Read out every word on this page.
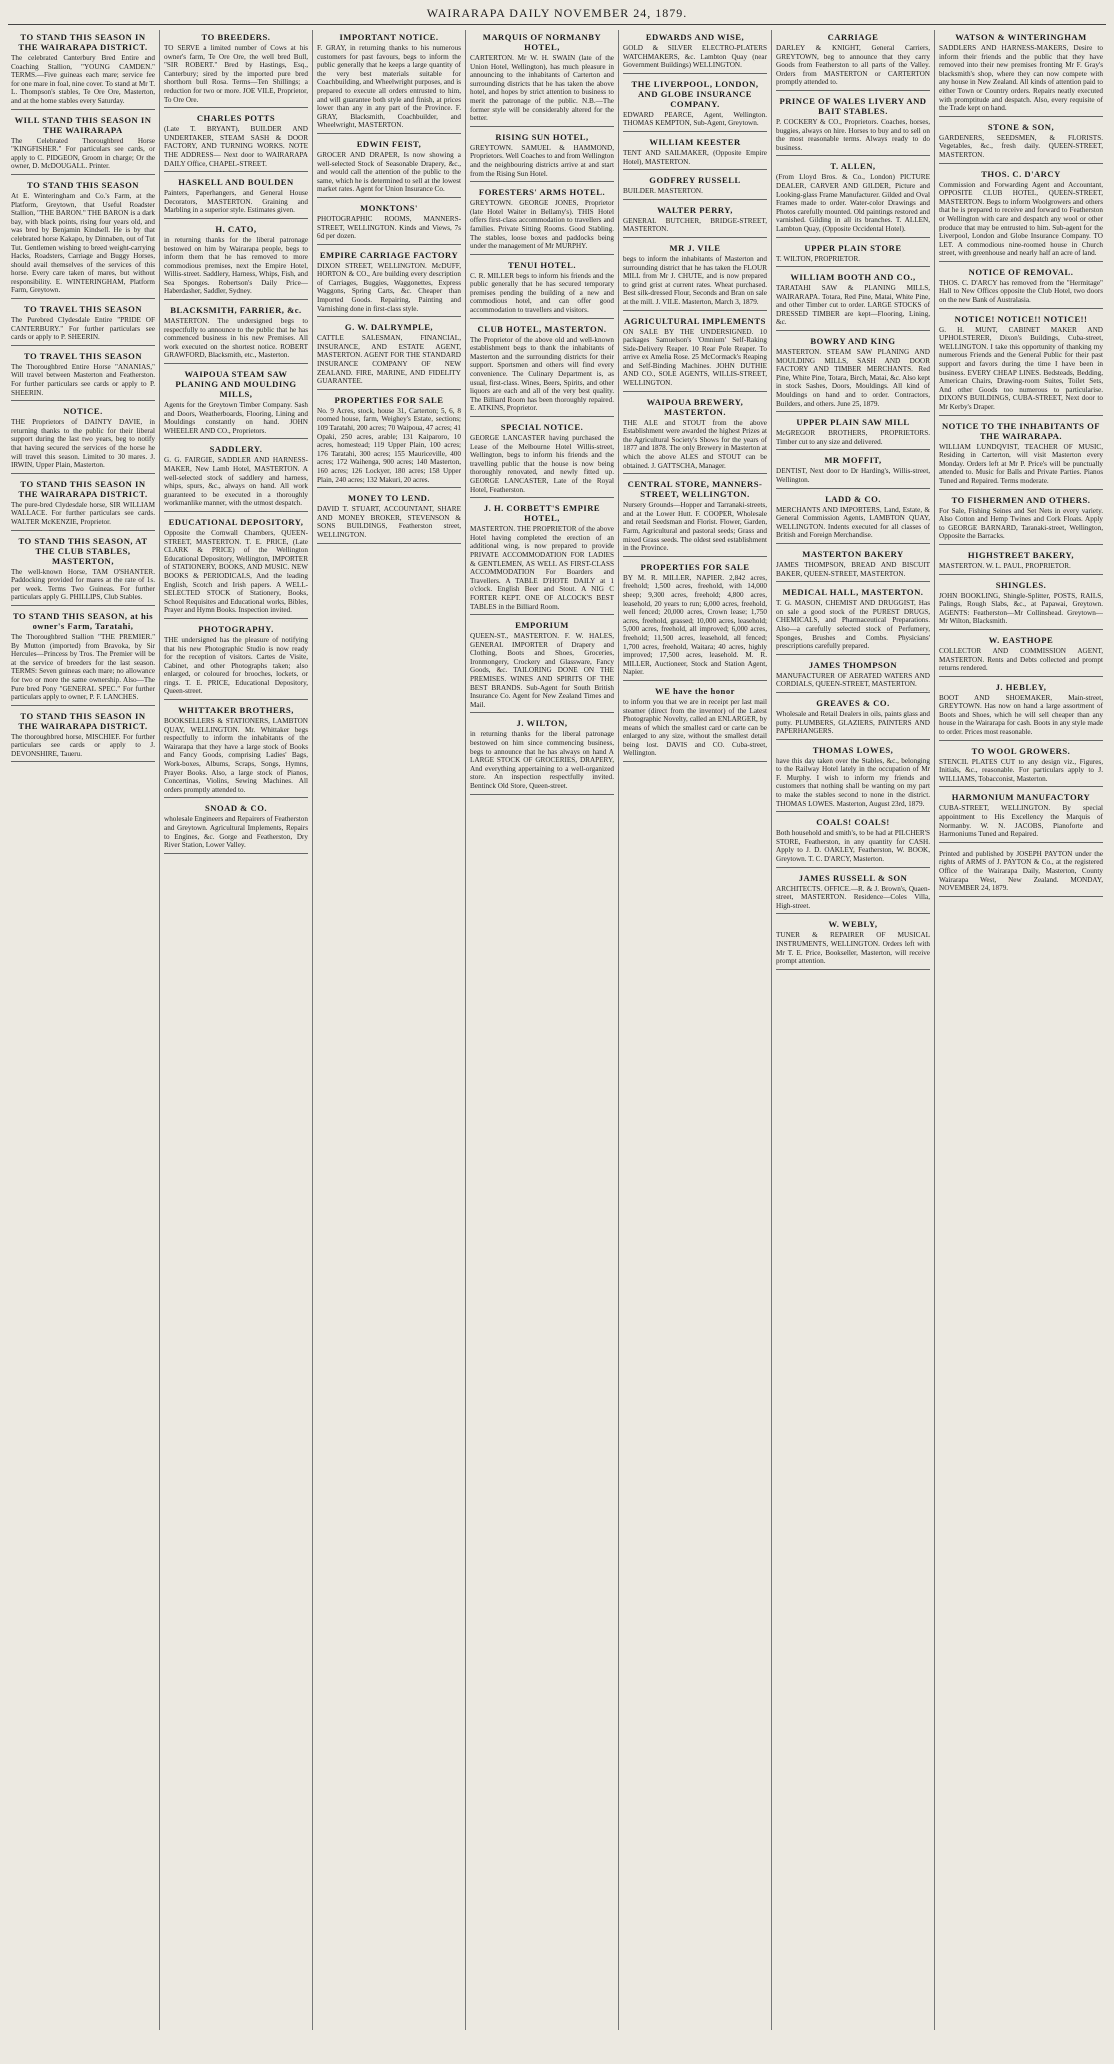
WAIRARAPA DAILY NOVEMBER 24, 1879.
TO STAND THIS SEASON IN THE WAIRARAPA DISTRICT.
The celebrated Canterbury Bred Entire and Coaching Stallion, "YOUNG CAMDEN." TERMS.—Five guineas each mare; service fee for one mare in foal, nine cover. To stand at Mr T. L. Thompson's stables, Te Ore Ore, Masterton, and at the home stables every Saturday.
WILL STAND THIS SEASON IN THE WAIRARAPA
The Celebrated Thoroughbred Horse "KINGFISHER." For particulars see cards, or apply to C. PIDGEON, Groom in charge; Or the owner, D. McDOUGALL. Printer.
TO STAND THIS SEASON
At E. Winteringham and Co.'s Farm, at the Platform, Greytown, that Useful Roadster Stallion, "THE BARON." THE BARON is a dark bay, with black points, rising four years old, and was bred by Benjamin Kindsell. He is by that celebrated horse Kakapo, by Dinnaben, out of Tut Tut. Gentlemen wishing to breed weight-carrying Hacks, Roadsters, Carriage and Buggy Horses, should avail themselves of the services of this horse. Every care taken of mares, but without responsibility. E. WINTERINGHAM, Platform Farm, Greytown.
TO TRAVEL THIS SEASON
The Purebred Clydesdale Entire "PRIDE OF CANTERBURY." For further particulars see cards or apply to P. SHEERIN.
TO TRAVEL THIS SEASON
The Thoroughbred Entire Horse "ANANIAS," Will travel between Masterton and Featherston. For further particulars see cards or apply to P. SHEERIN.
NOTICE.
THE Proprietors of DAINTY DAVIE, in returning thanks to the public for their liberal support during the last two years, beg to notify that having secured the services of the horse he will travel this season. Limited to 30 mares. J. IRWIN, Upper Plain, Masterton.
TO STAND THIS SEASON IN THE WAIRARAPA DISTRICT.
The pure-bred Clydesdale horse, SIR WILLIAM WALLACE. For further particulars see cards. WALTER McKENZIE, Proprietor.
TO STAND THIS SEASON, AT THE CLUB STABLES, MASTERTON,
The well-known Horse, TAM O'SHANTER. Paddocking provided for mares at the rate of 1s. per week. Terms Two Guineas. For further particulars apply G. PHILLIPS, Club Stables.
TO STAND THIS SEASON, at his owner's Farm, Taratahi,
The Thoroughbred Stallion "THE PREMIER." By Mutton (imported) from Bravoka, by Sir Hercules—Princess by Tros. The Premier will be at the service of breeders for the last season. TERMS: Seven guineas each mare; no allowance for two or more the same ownership. Also—The Pure bred Pony "GENERAL SPEC." For further particulars apply to owner, P. F. LANCHES.
TO STAND THIS SEASON IN THE WAIRARAPA DISTRICT.
The thoroughbred horse, MISCHIEF. For further particulars see cards or apply to J. DEVONSHIRE, Taueru.
TO BREEDERS.
TO SERVE a limited number of Cows at his owner's farm, Te Ore Ore, the well bred Bull, "SIR ROBERT." Bred by Hastings, Esq., Canterbury; sired by the imported pure bred shorthorn bull Rosa. Terms—Ten Shillings; a reduction for two or more. JOE VILE, Proprietor, To Ore Ore.
CHARLES POTTS
(Late T. BRYANT), BUILDER AND UNDERTAKER, STEAM SASH & DOOR FACTORY, AND TURNING WORKS. NOTE THE ADDRESS— Next door to WAIRARAPA DAILY Office, CHAPEL-STREET.
HASKELL AND BOULDEN
Painters, Paperhangers, and General House Decorators, MASTERTON. Graining and Marbling in a superior style. Estimates given.
H. CATO,
in returning thanks for the liberal patronage bestowed on him by Wairarapa people, begs to inform them that he has removed to more commodious premises, next the Empire Hotel, Willis-street. Saddlery, Harness, Whips, Fish, and Sea Sponges. Robertson's Daily Price—Haberdasher, Saddler, Sydney.
BLACKSMITH, FARRIER, &c.
MASTERTON. The undersigned begs to respectfully to announce to the public that he has commenced business in his new Premises. All work executed on the shortest notice. ROBERT GRAWFORD, Blacksmith, etc., Masterton.
WAIPOUA STEAM SAW PLANING AND MOULDING MILLS,
Agents for the Greytown Timber Company. Sash and Doors, Weatherboards, Flooring, Lining and Mouldings constantly on hand. JOHN WHEELER AND CO., Proprietors.
SADDLERY.
G. G. FAIRGIE, SADDLER AND HARNESS-MAKER, New Lamb Hotel, MASTERTON. A well-selected stock of saddlery and harness, whips, spurs, &c., always on hand. All work guaranteed to be executed in a thoroughly workmanlike manner, with the utmost despatch.
EDUCATIONAL DEPOSITORY,
Opposite the Cornwall Chambers, QUEEN-STREET, MASTERTON. T. E. PRICE, (Late CLARK & PRICE) of the Wellington Educational Depository, Wellington, IMPORTER of STATIONERY, BOOKS, AND MUSIC. NEW BOOKS & PERIODICALS, And the leading English, Scotch and Irish papers. A WELL-SELECTED STOCK of Stationery, Books, School Requisites and Educational works, Bibles, Prayer and Hymn Books. Inspection invited.
PHOTOGRAPHY.
THE undersigned has the pleasure of notifying that his new Photographic Studio is now ready for the reception of visitors. Cartes de Visite, Cabinet, and other Photographs taken; also enlarged, or coloured for brooches, lockets, or rings. T. E. PRICE, Educational Depository, Queen-street.
WHITTAKER BROTHERS,
BOOKSELLERS & STATIONERS, LAMBTON QUAY, WELLINGTON. Mr. Whittaker begs respectfully to inform the inhabitants of the Wairarapa that they have a large stock of Books and Fancy Goods, comprising Ladies' Bags, Work-boxes, Albums, Scraps, Songs, Hymns, Prayer Books. Also, a large stock of Pianos, Concertinas, Violins, Sewing Machines. All orders promptly attended to.
SNOAD & CO.
wholesale Engineers and Repairers of Featherston and Greytown. Agricultural Implements, Repairs to Engines, &c. Gorge and Featherston, Dry River Station, Lower Valley.
IMPORTANT NOTICE.
F. GRAY, in returning thanks to his numerous customers for past favours, begs to inform the public generally that he keeps a large quantity of the very best materials suitable for Coachbuilding, and Wheelwright purposes, and is prepared to execute all orders entrusted to him, and will guarantee both style and finish, at prices lower than any in any part of the Province. F. GRAY, Blacksmith, Coachbuilder, and Wheelwright, MASTERTON.
EDWIN FEIST,
GROCER AND DRAPER, Is now showing a well-selected Stock of Seasonable Drapery, &c., and would call the attention of the public to the same, which he is determined to sell at the lowest market rates. Agent for Union Insurance Co.
MONKTONS'
PHOTOGRAPHIC ROOMS, MANNERS-STREET, WELLINGTON. Kinds and Views, 7s 6d per dozen.
EMPIRE CARRIAGE FACTORY
DIXON STREET, WELLINGTON. McDUFF, HORTON & CO., Are building every description of Carriages, Buggies, Waggonettes, Express Waggons, Spring Carts, &c. Cheaper than Imported Goods. Repairing, Painting and Varnishing done in first-class style.
G. W. DALRYMPLE,
CATTLE SALESMAN, FINANCIAL, INSURANCE, AND ESTATE AGENT, MASTERTON. AGENT FOR THE STANDARD INSURANCE COMPANY OF NEW ZEALAND. FIRE, MARINE, AND FIDELITY GUARANTEE.
PROPERTIES FOR SALE
No. 9 Acres, stock, house 31, Carterton; 5, 6, 8 roomed house, farm, Weighey's Estate, sections; 109 Taratahi, 200 acres; 70 Waipoua, 47 acres; 41 Opaki, 250 acres, arable; 131 Kaiparoro, 10 acres, homestead; 119 Upper Plain, 100 acres; 176 Taratahi, 300 acres; 155 Mauriceville, 400 acres; 172 Waihenga, 900 acres; 140 Masterton, 160 acres; 126 Lockyer, 180 acres; 158 Upper Plain, 240 acres; 132 Makuri, 20 acres.
MONEY TO LEND.
DAVID T. STUART, ACCOUNTANT, SHARE AND MONEY BROKER, STEVENSON & SONS BUILDINGS, Featherston street, WELLINGTON.
MARQUIS OF NORMANBY HOTEL,
CARTERTON. Mr W. H. SWAIN (late of the Union Hotel, Wellington), has much pleasure in announcing to the inhabitants of Carterton and surrounding districts that he has taken the above hotel, and hopes by strict attention to business to merit the patronage of the public. N.B.—The former style will be considerably altered for the better.
RISING SUN HOTEL,
GREYTOWN. SAMUEL & HAMMOND, Proprietors. Well Coaches to and from Wellington and the neighbouring districts arrive at and start from the Rising Sun Hotel.
FORESTERS' ARMS HOTEL.
GREYTOWN. GEORGE JONES, Proprietor (late Hotel Waiter in Bellamy's). THIS Hotel offers first-class accommodation to travellers and families. Private Sitting Rooms. Good Stabling. The stables, loose boxes and paddocks being under the management of Mr MURPHY.
TENUI HOTEL.
C. R. MILLER begs to inform his friends and the public generally that he has secured temporary premises pending the building of a new and commodious hotel, and can offer good accommodation to travellers and visitors.
CLUB HOTEL, MASTERTON.
The Proprietor of the above old and well-known establishment begs to thank the inhabitants of Masterton and the surrounding districts for their support. Sportsmen and others will find every convenience. The Culinary Department is, as usual, first-class. Wines, Beers, Spirits, and other liquors are each and all of the very best quality. The Billiard Room has been thoroughly repaired. E. ATKINS, Proprietor.
SPECIAL NOTICE.
GEORGE LANCASTER having purchased the Lease of the Melbourne Hotel Willis-street, Wellington, begs to inform his friends and the travelling public that the house is now being thoroughly renovated, and newly fitted up. GEORGE LANCASTER, Late of the Royal Hotel, Featherston.
J. H. CORBETT'S EMPIRE HOTEL,
MASTERTON. THE PROPRIETOR of the above Hotel having completed the erection of an additional wing, is now prepared to provide PRIVATE ACCOMMODATION FOR LADIES & GENTLEMEN, AS WELL AS FIRST-CLASS ACCOMMODATION For Boarders and Travellers. A TABLE D'HOTE DAILY at 1 o'clock. English Beer and Stout. A NIG C FORTER KEPT. ONE OF ALCOCK'S BEST TABLES in the Billiard Room.
EMPORIUM
QUEEN-ST., MASTERTON. F. W. HALES, GENERAL IMPORTER of Drapery and Clothing, Boots and Shoes, Groceries, Ironmongery, Crockery and Glassware, Fancy Goods, &c. TAILORING DONE ON THE PREMISES. WINES AND SPIRITS OF THE BEST BRANDS. Sub-Agent for South British Insurance Co. Agent for New Zealand Times and Mail.
J. WILTON,
in returning thanks for the liberal patronage bestowed on him since commencing business, begs to announce that he has always on hand A LARGE STOCK OF GROCERIES, DRAPERY, And everything appertaining to a well-organized store. An inspection respectfully invited. Bentinck Old Store, Queen-street.
EDWARDS AND WISE,
GOLD & SILVER ELECTRO-PLATERS WATCHMAKERS, &c. Lambton Quay (near Government Buildings) WELLINGTON.
THE LIVERPOOL, LONDON, AND GLOBE INSURANCE COMPANY.
EDWARD PEARCE, Agent, Wellington. THOMAS KEMPTON, Sub-Agent, Greytown.
WILLIAM KEESTER
TENT AND SAILMAKER, (Opposite Empire Hotel), MASTERTON.
GODFREY RUSSELL
BUILDER. MASTERTON.
WALTER PERRY,
GENERAL BUTCHER, BRIDGE-STREET, MASTERTON.
MR J. VILE
begs to inform the inhabitants of Masterton and surrounding district that he has taken the FLOUR MILL from Mr J. CHUTE, and is now prepared to grind grist at current rates. Wheat purchased. Best silk-dressed Flour, Seconds and Bran on sale at the mill. J. VILE. Masterton, March 3, 1879.
AGRICULTURAL IMPLEMENTS
ON SALE BY THE UNDERSIGNED. 10 packages Samuelson's 'Omnium' Self-Raking Side-Delivery Reaper. 10 Rear Pole Reaper. To arrive ex Amelia Rose. 25 McCormack's Reaping and Self-Binding Machines. JOHN DUTHIE AND CO., SOLE AGENTS, WILLIS-STREET, WELLINGTON.
WAIPOUA BREWERY, MASTERTON.
THE ALE and STOUT from the above Establishment were awarded the highest Prizes at the Agricultural Society's Shows for the years of 1877 and 1878. The only Brewery in Masterton at which the above ALES and STOUT can be obtained. J. GATTSCHA, Manager.
CENTRAL STORE, MANNERS-STREET, WELLINGTON.
Nursery Grounds—Hopper and Tarranaki-streets, and at the Lower Hutt. F. COOPER, Wholesale and retail Seedsman and Florist. Flower, Garden, Farm, Agricultural and pastoral seeds; Grass and mixed Grass seeds. The oldest seed establishment in the Province.
PROPERTIES FOR SALE
BY M. R. MILLER, NAPIER. 2,842 acres, freehold; 1,500 acres, freehold, with 14,000 sheep; 9,300 acres, freehold; 4,800 acres, leasehold, 20 years to run; 6,000 acres, freehold, well fenced; 20,000 acres, Crown lease; 1,750 acres, freehold, grassed; 10,000 acres, leasehold; 5,000 acres, freehold, all improved; 6,000 acres, freehold; 11,500 acres, leasehold, all fenced; 1,700 acres, freehold, Waitara; 40 acres, highly improved; 17,500 acres, leasehold. M. R. MILLER, Auctioneer, Stock and Station Agent, Napier.
WE have the honor
to inform you that we are in receipt per last mail steamer (direct from the inventor) of the Latest Photographic Novelty, called an ENLARGER, by means of which the smallest card or carte can be enlarged to any size, without the smallest detail being lost. DAVIS and CO. Cuba-street, Wellington.
CARRIAGE
DARLEY & KNIGHT, General Carriers, GREYTOWN, beg to announce that they carry Goods from Featherston to all parts of the Valley. Orders from MASTERTON or CARTERTON promptly attended to.
PRINCE OF WALES LIVERY AND BAIT STABLES.
P. COCKERY & CO., Proprietors. Coaches, horses, buggies, always on hire. Horses to buy and to sell on the most reasonable terms. Always ready to do business.
T. ALLEN,
(From Lloyd Bros. & Co., London) PICTURE DEALER, CARVER AND GILDER, Picture and Looking-glass Frame Manufacturer. Gilded and Oval Frames made to order. Water-color Drawings and Photos carefully mounted. Old paintings restored and varnished. Gilding in all its branches. T. ALLEN, Lambton Quay, (Opposite Occidental Hotel).
UPPER PLAIN STORE
T. WILTON, PROPRIETOR.
WILLIAM BOOTH AND CO.,
TARATAHI SAW & PLANING MILLS, WAIRARAPA. Totara, Red Pine, Matai, White Pine, and other Timber cut to order. LARGE STOCKS of DRESSED TIMBER are kept—Flooring, Lining, &c.
BOWRY AND KING
MASTERTON. STEAM SAW PLANING AND MOULDING MILLS, SASH AND DOOR FACTORY AND TIMBER MERCHANTS. Red Pine, White Pine, Totara, Birch, Matai, &c. Also kept in stock Sashes, Doors, Mouldings. All kind of Mouldings on hand and to order. Contractors, Builders, and others. June 25, 1879.
UPPER PLAIN SAW MILL
McGREGOR BROTHERS, PROPRIETORS. Timber cut to any size and delivered.
MR MOFFIT,
DENTIST, Next door to Dr Harding's, Willis-street, Wellington.
LADD & CO.
MERCHANTS AND IMPORTERS, Land, Estate, & General Commission Agents, LAMBTON QUAY, WELLINGTON. Indents executed for all classes of British and Foreign Merchandise.
MASTERTON BAKERY
JAMES THOMPSON, BREAD AND BISCUIT BAKER, QUEEN-STREET, MASTERTON.
MEDICAL HALL, MASTERTON.
T. G. MASON, CHEMIST AND DRUGGIST, Has on sale a good stock of the PUREST DRUGS, CHEMICALS, and Pharmaceutical Preparations. Also—a carefully selected stock of Perfumery, Sponges, Brushes and Combs. Physicians' prescriptions carefully prepared.
JAMES THOMPSON
MANUFACTURER OF AERATED WATERS AND CORDIALS, QUEEN-STREET, MASTERTON.
GREAVES & CO.
Wholesale and Retail Dealers in oils, paints glass and putty. PLUMBERS, GLAZIERS, PAINTERS AND PAPERHANGERS.
THOMAS LOWES,
have this day taken over the Stables, &c., belonging to the Railway Hotel lately in the occupation of Mr F. Murphy. I wish to inform my friends and customers that nothing shall be wanting on my part to make the stables second to none in the district. THOMAS LOWES. Masterton, August 23rd, 1879.
COALS! COALS!
Both household and smith's, to be had at PILCHER'S STORE, Featherston, in any quantity for CASH. Apply to J. D. OAKLEY, Featherston, W. BOOK, Greytown. T. C. D'ARCY, Masterton.
JAMES RUSSELL & SON
ARCHITECTS. OFFICE.—R. & J. Brown's, Quaen-street, MASTERTON. Residence—Coles Villa, High-street.
W. WEBLY,
TUNER & REPAIRER OF MUSICAL INSTRUMENTS, WELLINGTON. Orders left with Mr T. E. Price, Bookseller, Masterton, will receive prompt attention.
WATSON & WINTERINGHAM
SADDLERS AND HARNESS-MAKERS, Desire to inform their friends and the public that they have removed into their new premises fronting Mr F. Gray's blacksmith's shop, where they can now compete with any house in New Zealand. All kinds of attention paid to either Town or Country orders. Repairs neatly executed with promptitude and despatch. Also, every requisite of the Trade kept on hand.
STONE & SON,
GARDENERS, SEEDSMEN, & FLORISTS. Vegetables, &c., fresh daily. QUEEN-STREET, MASTERTON.
THOS. C. D'ARCY
Commission and Forwarding Agent and Accountant, OPPOSITE CLUB HOTEL, QUEEN-STREET, MASTERTON. Begs to inform Woolgrowers and others that he is prepared to receive and forward to Featherston or Wellington with care and despatch any wool or other produce that may be entrusted to him. Sub-agent for the Liverpool, London and Globe Insurance Company. TO LET. A commodious nine-roomed house in Church street, with greenhouse and nearly half an acre of land.
NOTICE OF REMOVAL.
THOS. C. D'ARCY has removed from the "Hermitage" Hall to New Offices opposite the Club Hotel, two doors on the new Bank of Australasia.
NOTICE! NOTICE!! NOTICE!!
G. H. MUNT, CABINET MAKER AND UPHOLSTERER, Dixon's Buildings, Cuba-street, WELLINGTON. I take this opportunity of thanking my numerous Friends and the General Public for their past support and favors during the time I have been in business. EVERY CHEAP LINES. Bedsteads, Bedding, American Chairs, Drawing-room Suites, Toilet Sets, And other Goods too numerous to particularise. DIXON'S BUILDINGS, CUBA-STREET, Next door to Mr Kerby's Draper.
NOTICE TO THE INHABITANTS OF THE WAIRARAPA.
WILLIAM LUNDQVIST, TEACHER OF MUSIC, Residing in Carterton, will visit Masterton every Monday. Orders left at Mr P. Price's will be punctually attended to. Music for Balls and Private Parties. Pianos Tuned and Repaired. Terms moderate.
TO FISHERMEN AND OTHERS.
For Sale, Fishing Seines and Set Nets in every variety. Also Cotton and Hemp Twines and Cork Floats. Apply to GEORGE BARNARD, Taranaki-street, Wellington, Opposite the Barracks.
HIGHSTREET BAKERY,
MASTERTON. W. L. PAUL, PROPRIETOR.
SHINGLES.
JOHN BOOKLING, Shingle-Splitter, POSTS, RAILS, Palings, Rough Slabs, &c., at Papawai, Greytown. AGENTS: Featherston—Mr Collinshead. Greytown—Mr Wilton, Blacksmith.
W. EASTHOPE
COLLECTOR AND COMMISSION AGENT, MASTERTON. Rents and Debts collected and prompt returns rendered.
J. HEBLEY,
BOOT AND SHOEMAKER, Main-street, GREYTOWN. Has now on hand a large assortment of Boots and Shoes, which he will sell cheaper than any house in the Wairarapa for cash. Boots in any style made to order. Prices most reasonable.
TO WOOL GROWERS.
STENCIL PLATES CUT to any design viz., Figures, Initials, &c., reasonable. For particulars apply to J. WILLIAMS, Tobacconist, Masterton.
HARMONIUM MANUFACTORY
CUBA-STREET, WELLINGTON. By special appointment to His Excellency the Marquis of Normanby. W. N. JACOBS, Pianoforte and Harmoniums Tuned and Repaired.
Printed and published by JOSEPH PAYTON under the rights of ARMS of J. PAYTON & Co., at the registered Office of the Wairarapa Daily, Masterton, County Wairarapa West, New Zealand. MONDAY, NOVEMBER 24, 1879.
